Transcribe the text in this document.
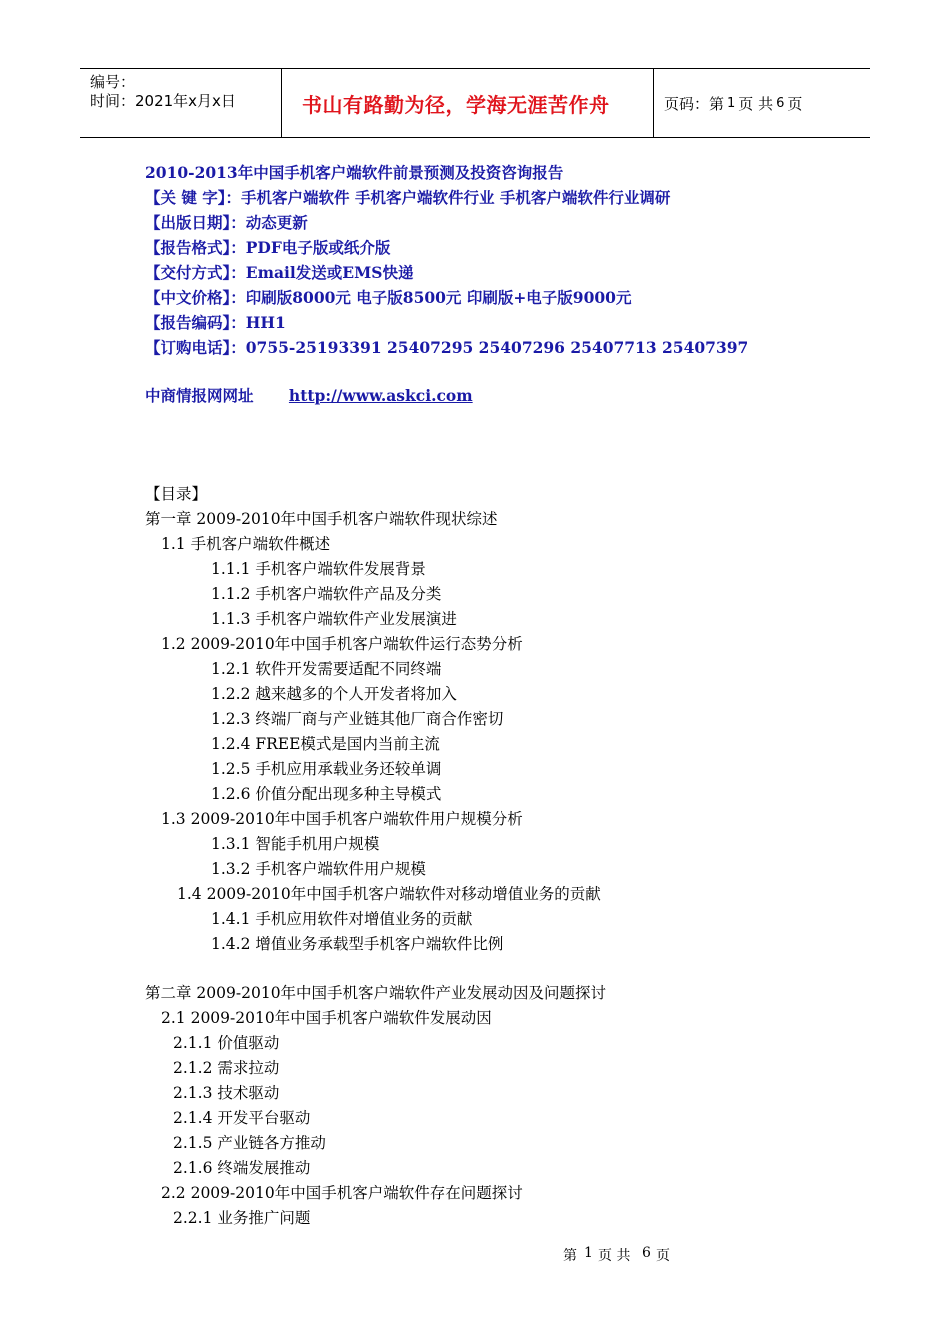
编号：
时间：2021年x月x日	书山有路勤为径，学海无涯苦作舟	页码：第 1 页 共 6 页
2010-2013年中国手机客户端软件前景预测及投资咨询报告
【关 键 字】：手机客户端软件 手机客户端软件行业 手机客户端软件行业调研
【出版日期】：动态更新
【报告格式】：PDF电子版或纸介版
【交付方式】：Email发送或EMS快递
【中文价格】：印刷版8000元 电子版8500元 印刷版+电子版9000元
【报告编码】：HH1
【订购电话】：0755-25193391 25407295 25407296 25407713 25407397
中商情报网网址 http://www.askci.com
【目录】
第一章 2009-2010年中国手机客户端软件现状综述
1.1 手机客户端软件概述
1.1.1 手机客户端软件发展背景
1.1.2 手机客户端软件产品及分类
1.1.3 手机客户端软件产业发展演进
1.2 2009-2010年中国手机客户端软件运行态势分析
1.2.1 软件开发需要适配不同终端
1.2.2 越来越多的个人开发者将加入
1.2.3 终端厂商与产业链其他厂商合作密切
1.2.4 FREE模式是国内当前主流
1.2.5 手机应用承载业务还较单调
1.2.6 价值分配出现多种主导模式
1.3 2009-2010年中国手机客户端软件用户规模分析
1.3.1 智能手机用户规模
1.3.2 手机客户端软件用户规模
1.4 2009-2010年中国手机客户端软件对移动增值业务的贡献
1.4.1 手机应用软件对增值业务的贡献
1.4.2 增值业务承载型手机客户端软件比例
第二章 2009-2010年中国手机客户端软件产业发展动因及问题探讨
2.1 2009-2010年中国手机客户端软件发展动因
2.1.1 价值驱动
2.1.2 需求拉动
2.1.3 技术驱动
2.1.4 开发平台驱动
2.1.5 产业链各方推动
2.1.6 终端发展推动
2.2 2009-2010年中国手机客户端软件存在问题探讨
2.2.1 业务推广问题
第 1 页 共 6 页
